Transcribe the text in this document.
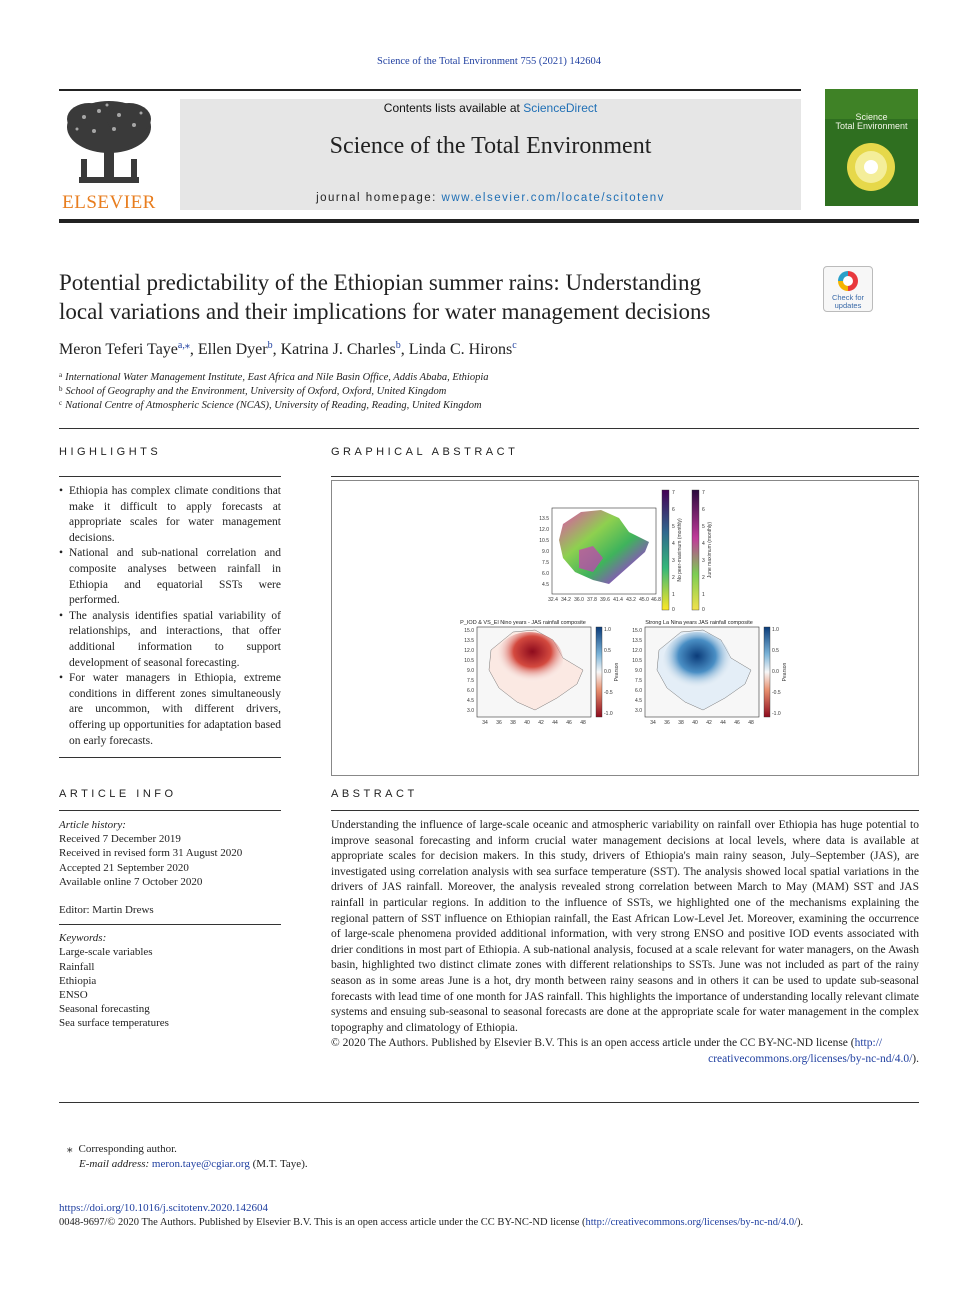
Science of the Total Environment 755 (2021) 142604
ELSEVIER
Contents lists available at ScienceDirect
Science of the Total Environment
journal homepage: www.elsevier.com/locate/scitotenv
Science
Total Environment
Potential predictability of the Ethiopian summer rains: Understanding
local variations and their implications for water management decisions
Check for
updates
Meron Teferi Taye$^{a,⁎}$, Ellen Dyer$^b$, Katrina J. Charles$^b$, Linda C. Hirons$^c$
$^a$ International Water Management Institute, East Africa and Nile Basin Office, Addis Ababa, Ethiopia
$^b$ School of Geography and the Environment, University of Oxford, Oxford, United Kingdom
$^c$ National Centre of Atmospheric Science (NCAS), University of Reading, Reading, United Kingdom
HIGHLIGHTS
• Ethiopia has complex climate conditions that make it difficult to apply forecasts at appropriate scales for water management decisions.
• National and sub-national correlation and composite analyses between rainfall in Ethiopia and equatorial SSTs were performed.
• The analysis identifies spatial variability of relationships, and interactions, that offer additional information to support development of seasonal forecasting.
• For water managers in Ethiopia, extreme conditions in different zones simultaneously are uncommon, with different drivers, offering up opportunities for adaptation based on early forecasts.
GRAPHICAL ABSTRACT
13.5
12.0
10.5
9.0
7.5
6.0
4.5
32.4 34.2 36.0 37.8 39.6 41.4 43.2 45.0 46.8
7
6
5
4
3
2
1
0
No peer-maximum (monthly)
7
6
5
4
3
2
1
0
June maximum (monthly)
P_IOD & VS_El Nino years - JAS rainfall composite
15.0
13.5
12.0
10.5
9.0
7.5
6.0
4.5
3.0
34 36 38 40 42 44 46 48
1.0
0.5
0.0
-0.5
-1.0
Pearson
Strong La Nina years JAS rainfall composite
15.0
13.5
12.0
10.5
9.0
7.5
6.0
4.5
3.0
34 36 38 40 42 44 46 48
1.0
0.5
0.0
-0.5
-1.0
Pearson
ARTICLE INFO
Article history:
Received 7 December 2019
Received in revised form 31 August 2020
Accepted 21 September 2020
Available online 7 October 2020
Editor: Martin Drews
Keywords:
Large-scale variables
Rainfall
Ethiopia
ENSO
Seasonal forecasting
Sea surface temperatures
ABSTRACT
Understanding the influence of large-scale oceanic and atmospheric variability on rainfall over Ethiopia has huge potential to improve seasonal forecasting and inform crucial water management decisions at local levels, where data is available at appropriate scales for decision makers. In this study, drivers of Ethiopia's main rainy season, July–September (JAS), are investigated using correlation analysis with sea surface temperature (SST). The analysis showed local spatial variations in the drivers of JAS rainfall. Moreover, the analysis revealed strong correlation between March to May (MAM) SST and JAS rainfall in particular regions. In addition to the influence of SSTs, we highlighted one of the mechanisms explaining the regional pattern of SST influence on Ethiopian rainfall, the East African Low-Level Jet. Moreover, examining the occurrence of large-scale phenomena provided additional information, with very strong ENSO and positive IOD events associated with drier conditions in most part of Ethiopia. A sub-national analysis, focused at a scale relevant for water managers, on the Awash basin, highlighted two distinct climate zones with different relationships to SSTs. June was not included as part of the rainy season as in some areas June is a hot, dry month between rainy seasons and in others it can be used to update sub-seasonal forecasts with lead time of one month for JAS rainfall. This highlights the importance of understanding locally relevant climate systems and ensuing sub-seasonal to seasonal forecasts are done at the appropriate scale for water management in the complex topography and climatology of Ethiopia.
© 2020 The Authors. Published by Elsevier B.V. This is an open access article under the CC BY-NC-ND license (http://
creativecommons.org/licenses/by-nc-nd/4.0/).
⁎ Corresponding author.
E-mail address: meron.taye@cgiar.org (M.T. Taye).
https://doi.org/10.1016/j.scitotenv.2020.142604
0048-9697/© 2020 The Authors. Published by Elsevier B.V. This is an open access article under the CC BY-NC-ND license (http://creativecommons.org/licenses/by-nc-nd/4.0/).
